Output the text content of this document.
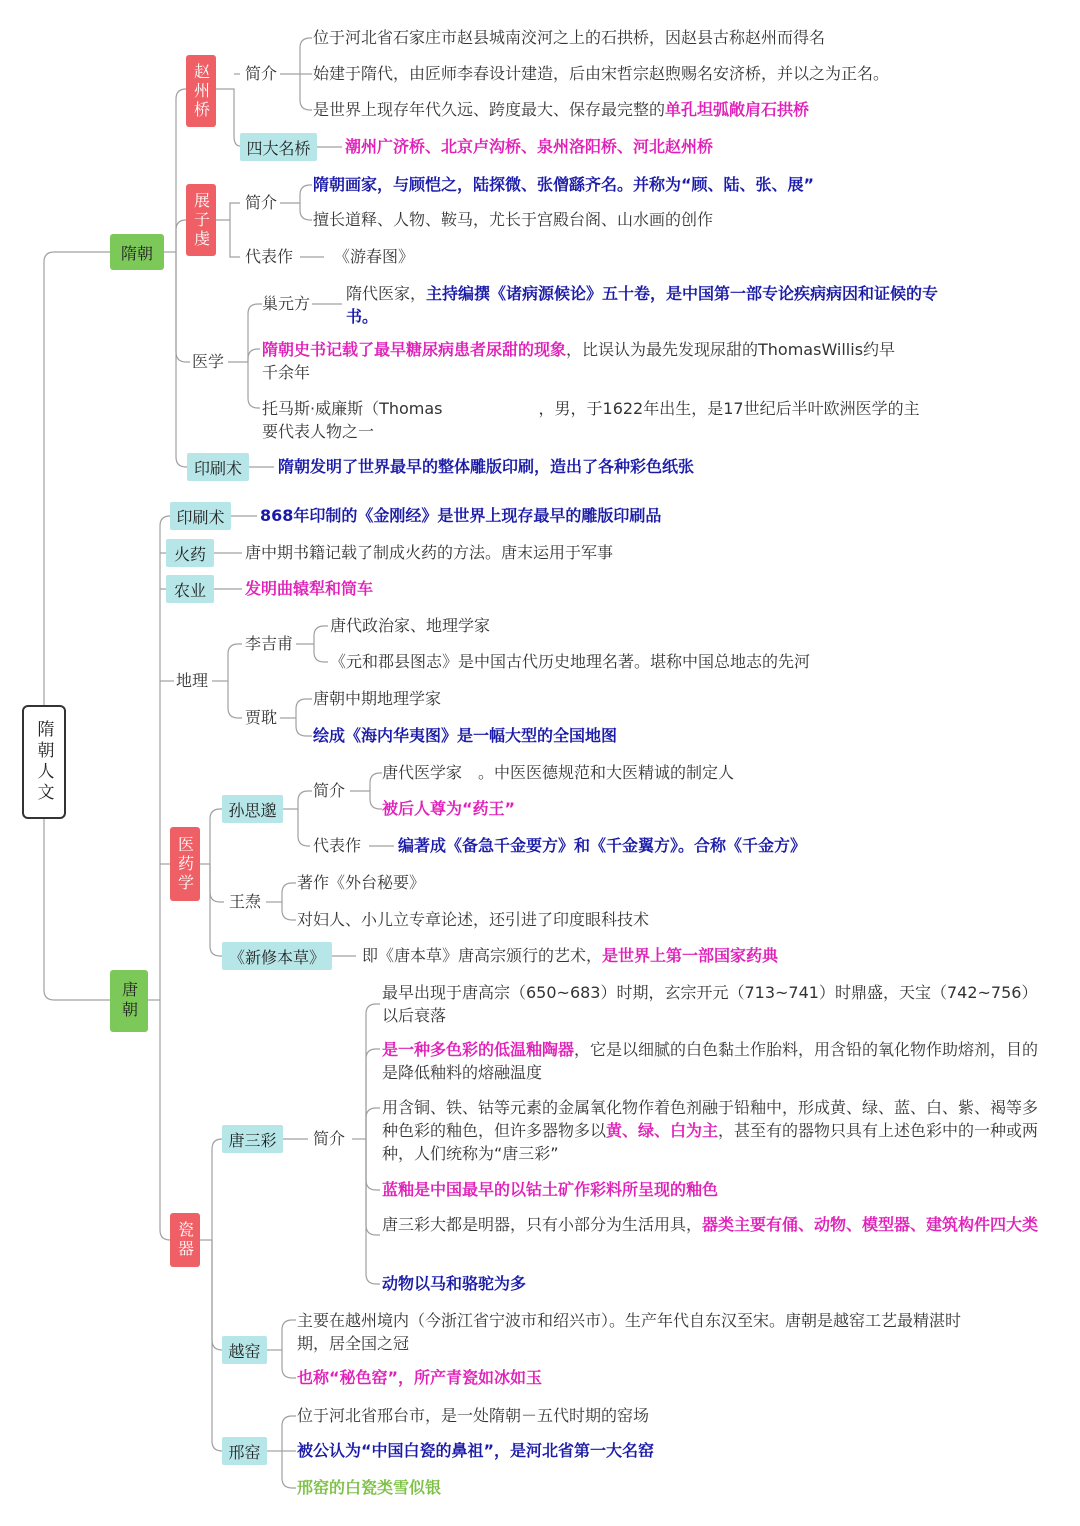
隋朝人文
隋朝
赵州桥	简介
位于河北省石家庄市赵县城南洨河之上的石拱桥，因赵县古称赵州而得名
始建于隋代，由匠师李春设计建造，后由宋哲宗赵煦赐名安济桥，并以之为正名。
是世界上现存年代久远、跨度最大、保存最完整的单孔坦弧敞肩石拱桥
四大名桥	潮州广济桥、北京卢沟桥、泉州洛阳桥、河北赵州桥
展子虔	简介
隋朝画家，与顾恺之，陆探微、张僧繇齐名。并称为“顾、陆、张、展”
擅长道释、人物、鞍马，尤长于宫殿台阁、山水画的创作
代表作	《游春图》
医学
巢元方
隋代医家，主持编撰《诸病源候论》五十卷，是中国第一部专论疾病病因和证候的专书。
隋朝史书记载了最早糖尿病患者尿甜的现象，比误认为最先发现尿甜的ThomasWillis约早千余年
托马斯·威廉斯（Thomas　　　　　　，男，于1622年出生，是17世纪后半叶欧洲医学的主要代表人物之一
印刷术	隋朝发明了世界最早的整体雕版印刷，造出了各种彩色纸张
唐朝
印刷术	868年印制的《金刚经》是世界上现存最早的雕版印刷品
火药	唐中期书籍记载了制成火药的方法。唐末运用于军事
农业	发明曲辕犁和筒车
地理
李吉甫
唐代政治家、地理学家
《元和郡县图志》是中国古代历史地理名著。堪称中国总地志的先河
贾耽
唐朝中期地理学家
绘成《海内华夷图》是一幅大型的全国地图
医药学
孙思邈
简介
唐代医学家　。中医医德规范和大医精诚的制定人
被后人尊为“药王”
代表作 编著成《备急千金要方》和《千金翼方》。合称《千金方》
王焘
著作《外台秘要》
对妇人、小儿立专章论述，还引进了印度眼科技术
《新修本草》	即《唐本草》唐高宗颁行的艺术，是世界上第一部国家药典
瓷器
唐三彩	简介
最早出现于唐高宗（650~683）时期，玄宗开元（713~741）时鼎盛，天宝（742~756）以后衰落
是一种多色彩的低温釉陶器，它是以细腻的白色黏土作胎料，用含铅的氧化物作助熔剂，目的是降低釉料的熔融温度
用含铜、铁、钴等元素的金属氧化物作着色剂融于铅釉中，形成黄、绿、蓝、白、紫、褐等多种色彩的釉色，但许多器物多以黄、绿、白为主，甚至有的器物只具有上述色彩中的一种或两种，人们统称为“唐三彩”
蓝釉是中国最早的以钴土矿作彩料所呈现的釉色
唐三彩大都是明器，只有小部分为生活用具，器类主要有俑、动物、模型器、建筑构件四大类
动物以马和骆驼为多
越窑
主要在越州境内（今浙江省宁波市和绍兴市）。生产年代自东汉至宋。唐朝是越窑工艺最精湛时期，居全国之冠
也称“秘色窑”，所产青瓷如冰如玉
邢窑
位于河北省邢台市，是一处隋朝－五代时期的窑场
被公认为“中国白瓷的鼻祖”，是河北省第一大名窑
邢窑的白瓷类雪似银
